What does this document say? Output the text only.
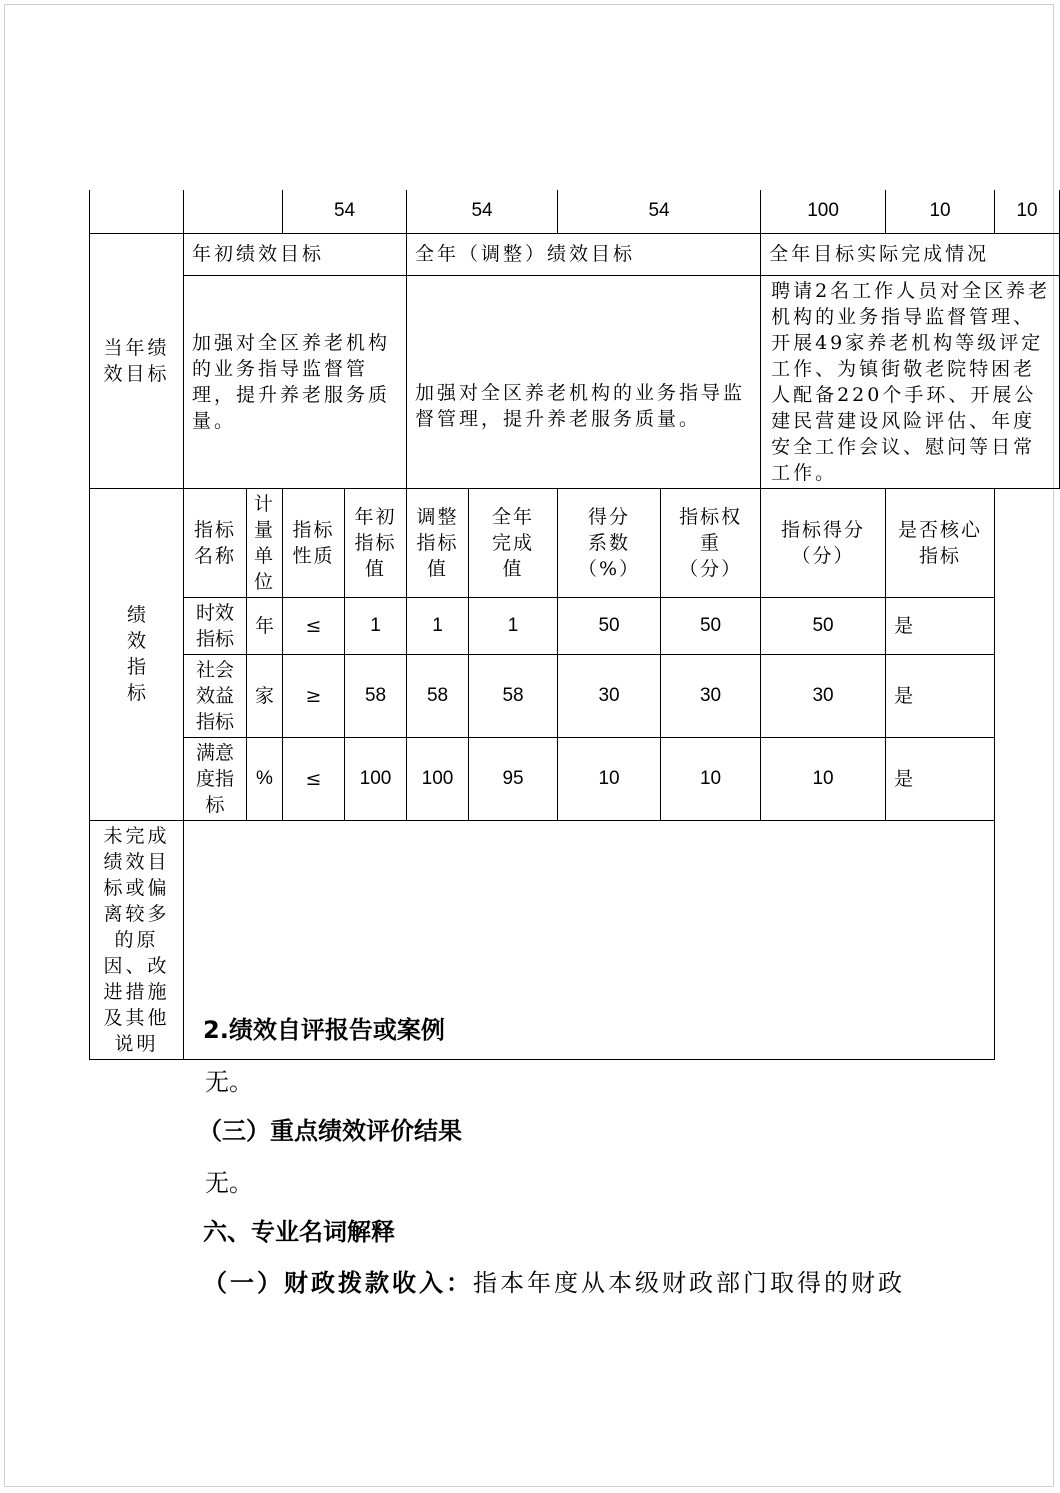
			54		54		54		100	10	10
当年绩效目标	年初绩效目标				全年（调整）绩效目标				全年目标实际完成情况		
	加强对全区养老机构的业务指导监督管理，提升养老服务质量。				加强对全区养老机构的业务指导监督管理，提升养老服务质量。				聘请2名工作人员对全区养老机构的业务指导监督管理、开展49家养老机构等级评定工作、为镇街敬老院特困老人配备220个手环、开展公建民营建设风险评估、年度安全工作会议、慰问等日常工作。		
绩效指标	指标名称	计量单位	指标性质	年初指标值	调整指标值	全年完成值	得分系数（%）	指标权重（分）	指标得分（分）	是否核心指标	
	时效指标	年	≤	1	1	1	50	50	50	是	
	社会效益指标	家	≥	58	58	58	30	30	30	是	
	满意度指标	%	≤	100	100	95	10	10	10	是	
未完成绩效目标或偏离较多的原因、改进措施及其他说明											2.绩效自评报告或案例
无。
（三）重点绩效评价结果
无。
六、专业名词解释
（一）财政拨款收入：指本年度从本级财政部门取得的财政
